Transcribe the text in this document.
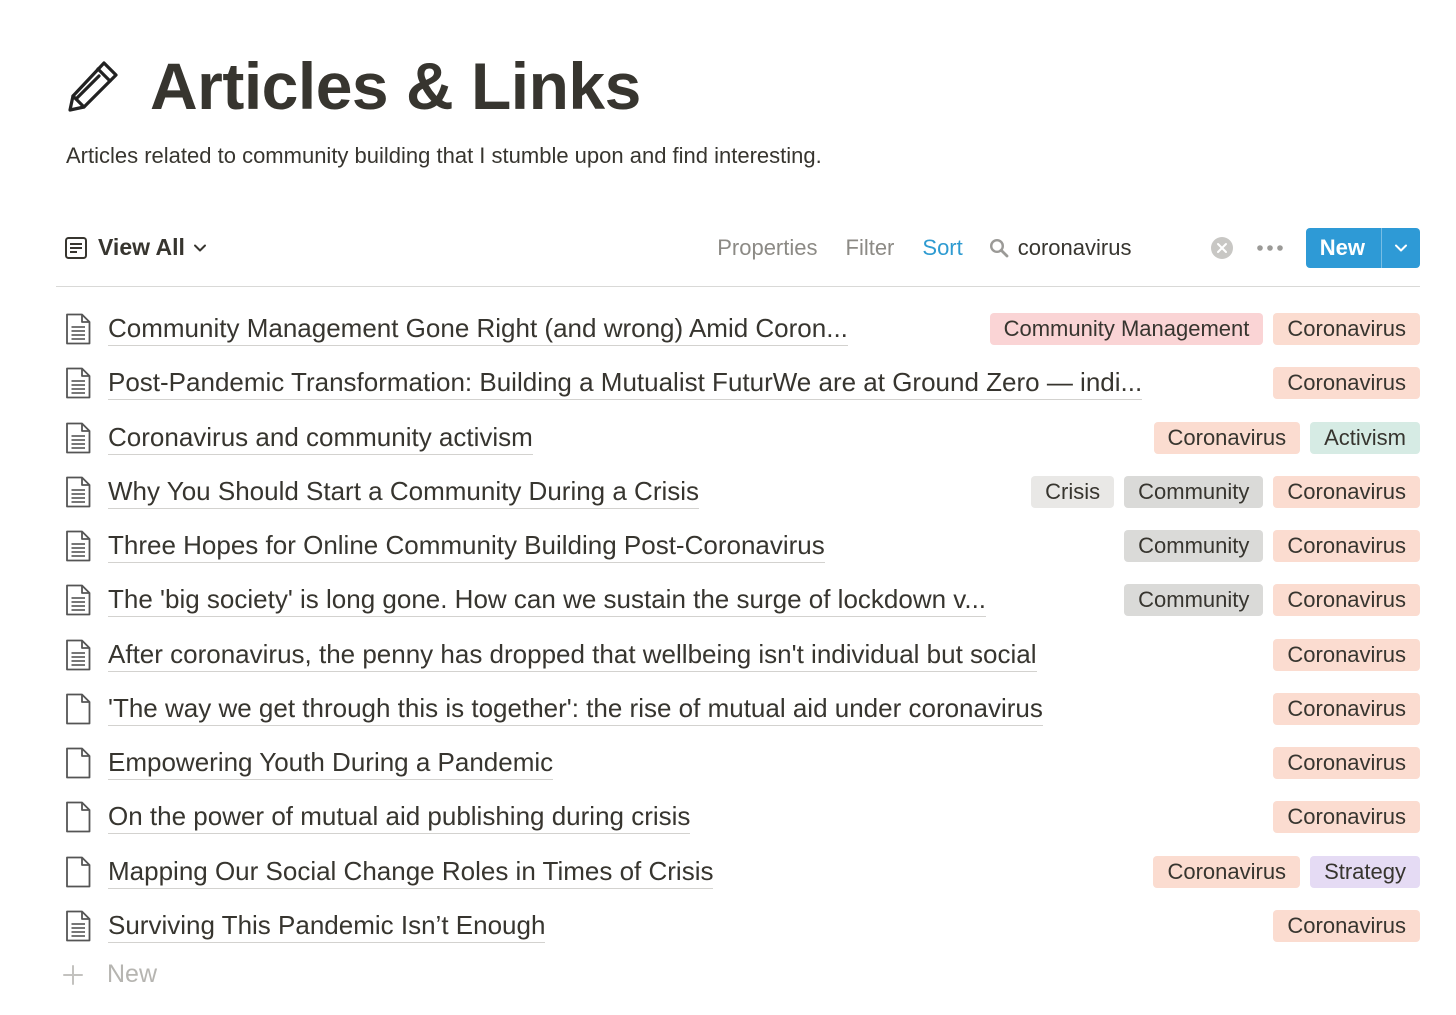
Articles & Links
Articles related to community building that I stumble upon and find interesting.
View All	Properties Filter Sort
coronavirus	New
Community Management Gone Right (and wrong) Amid Coron...	Community Management	Coronavirus
Post-Pandemic Transformation: Building a Mutualist FuturWe are at Ground Zero — indi...	Coronavirus
Coronavirus and community activism	Coronavirus	Activism
Why You Should Start a Community During a Crisis	Crisis	Community	Coronavirus
Three Hopes for Online Community Building Post-Coronavirus	Community	Coronavirus
The 'big society' is long gone. How can we sustain the surge of lockdown v...	Community	Coronavirus
After coronavirus, the penny has dropped that wellbeing isn't individual but social	Coronavirus
'The way we get through this is together': the rise of mutual aid under coronavirus	Coronavirus
Empowering Youth During a Pandemic	Coronavirus
On the power of mutual aid publishing during crisis	Coronavirus
Mapping Our Social Change Roles in Times of Crisis	Coronavirus	Strategy
Surviving This Pandemic Isn’t Enough	Coronavirus
New
